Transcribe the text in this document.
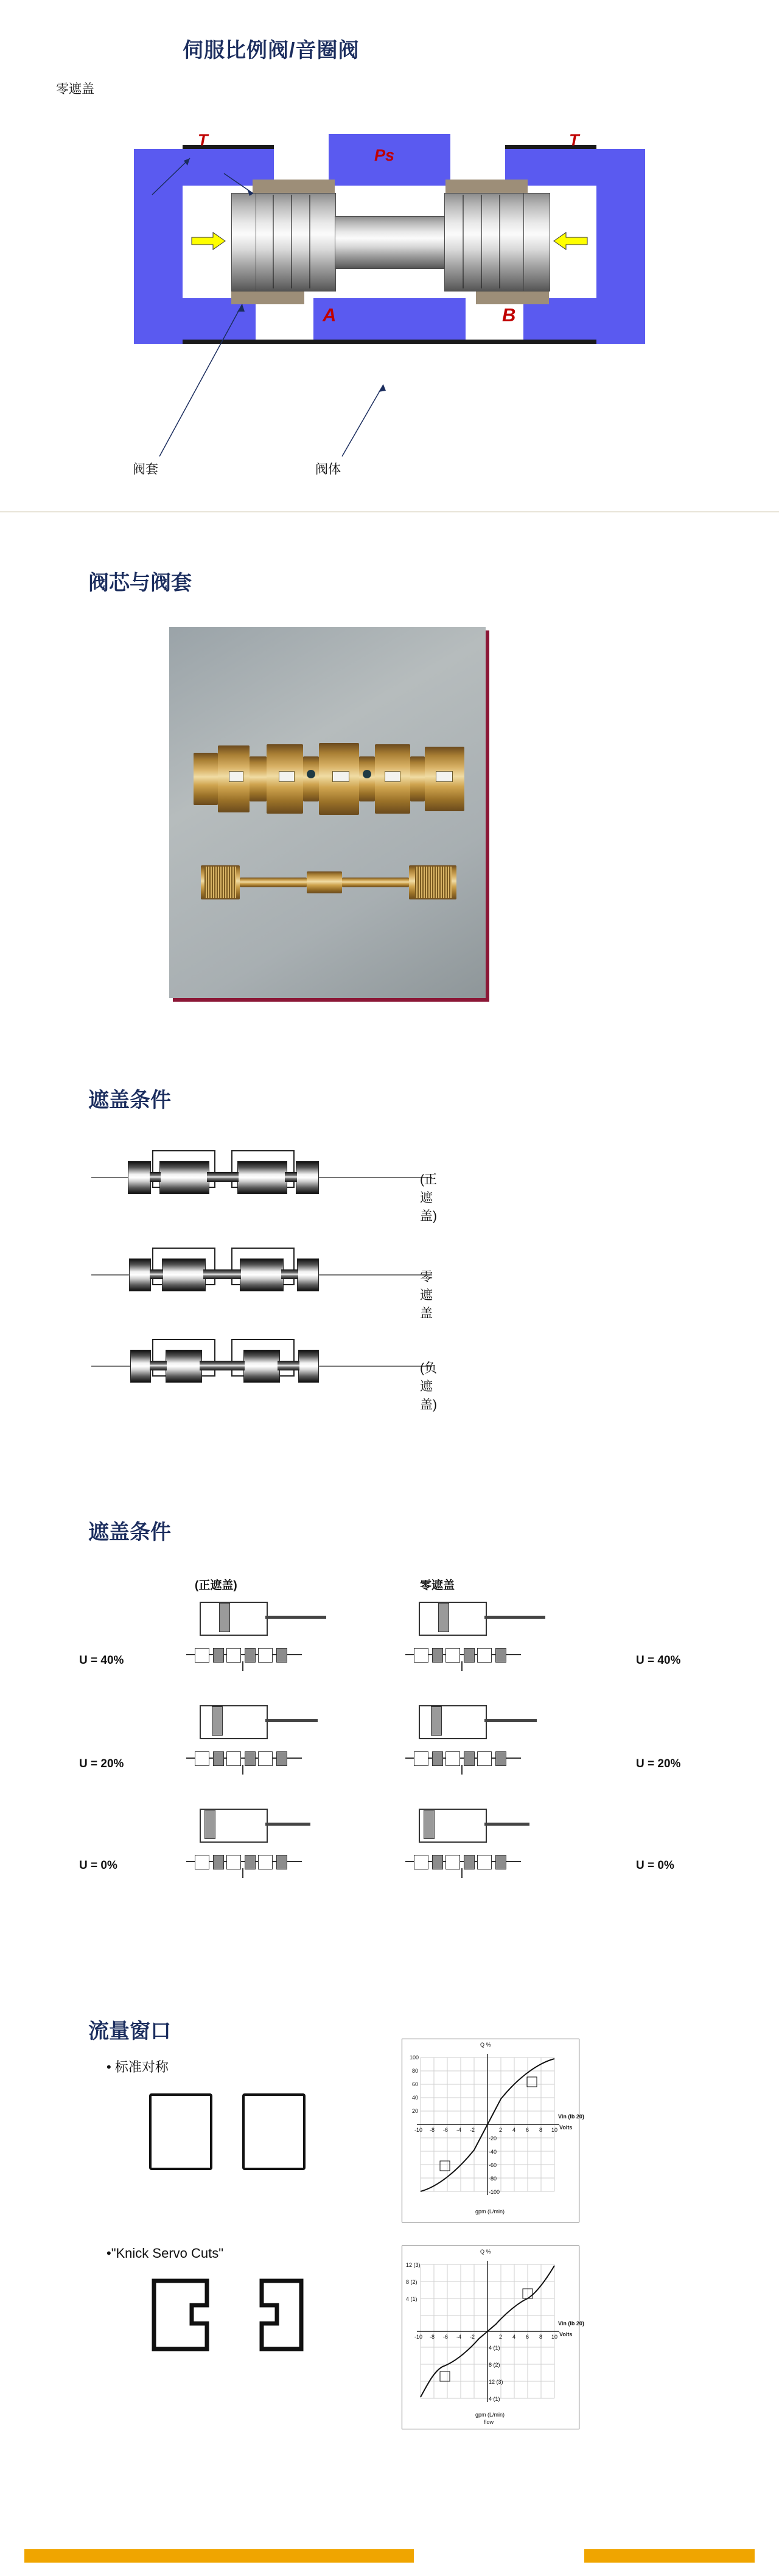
伺服比例阀/音圈阀
零遮盖
T	T
Ps
A	B
阀套	阀体
阀芯与阀套
遮盖条件
(正遮盖)
零遮盖
(负遮盖)
遮盖条件
(正遮盖)	零遮盖
U = 40%
U = 20%
U = 0%
U = 40%
U = 20%
U = 0%
流量窗口
• 标准对称
•"Knick Servo Cuts"
Q %
100
80
60
40
20
-20
-40
-60
-80
-100
-10 -8 -6 -4 -2	2 4 6 8 10
Vin (lb 20)
Volts
gpm (L/min)
Q %
12 (3)
8 (2)
4 (1)
4 (1)
8 (2)
12 (3)
4 (1)
-10 -8 -6 -4 -2	2 4 6 8 10
Vin (lb 20)
Volts
gpm (L/min)
flow
